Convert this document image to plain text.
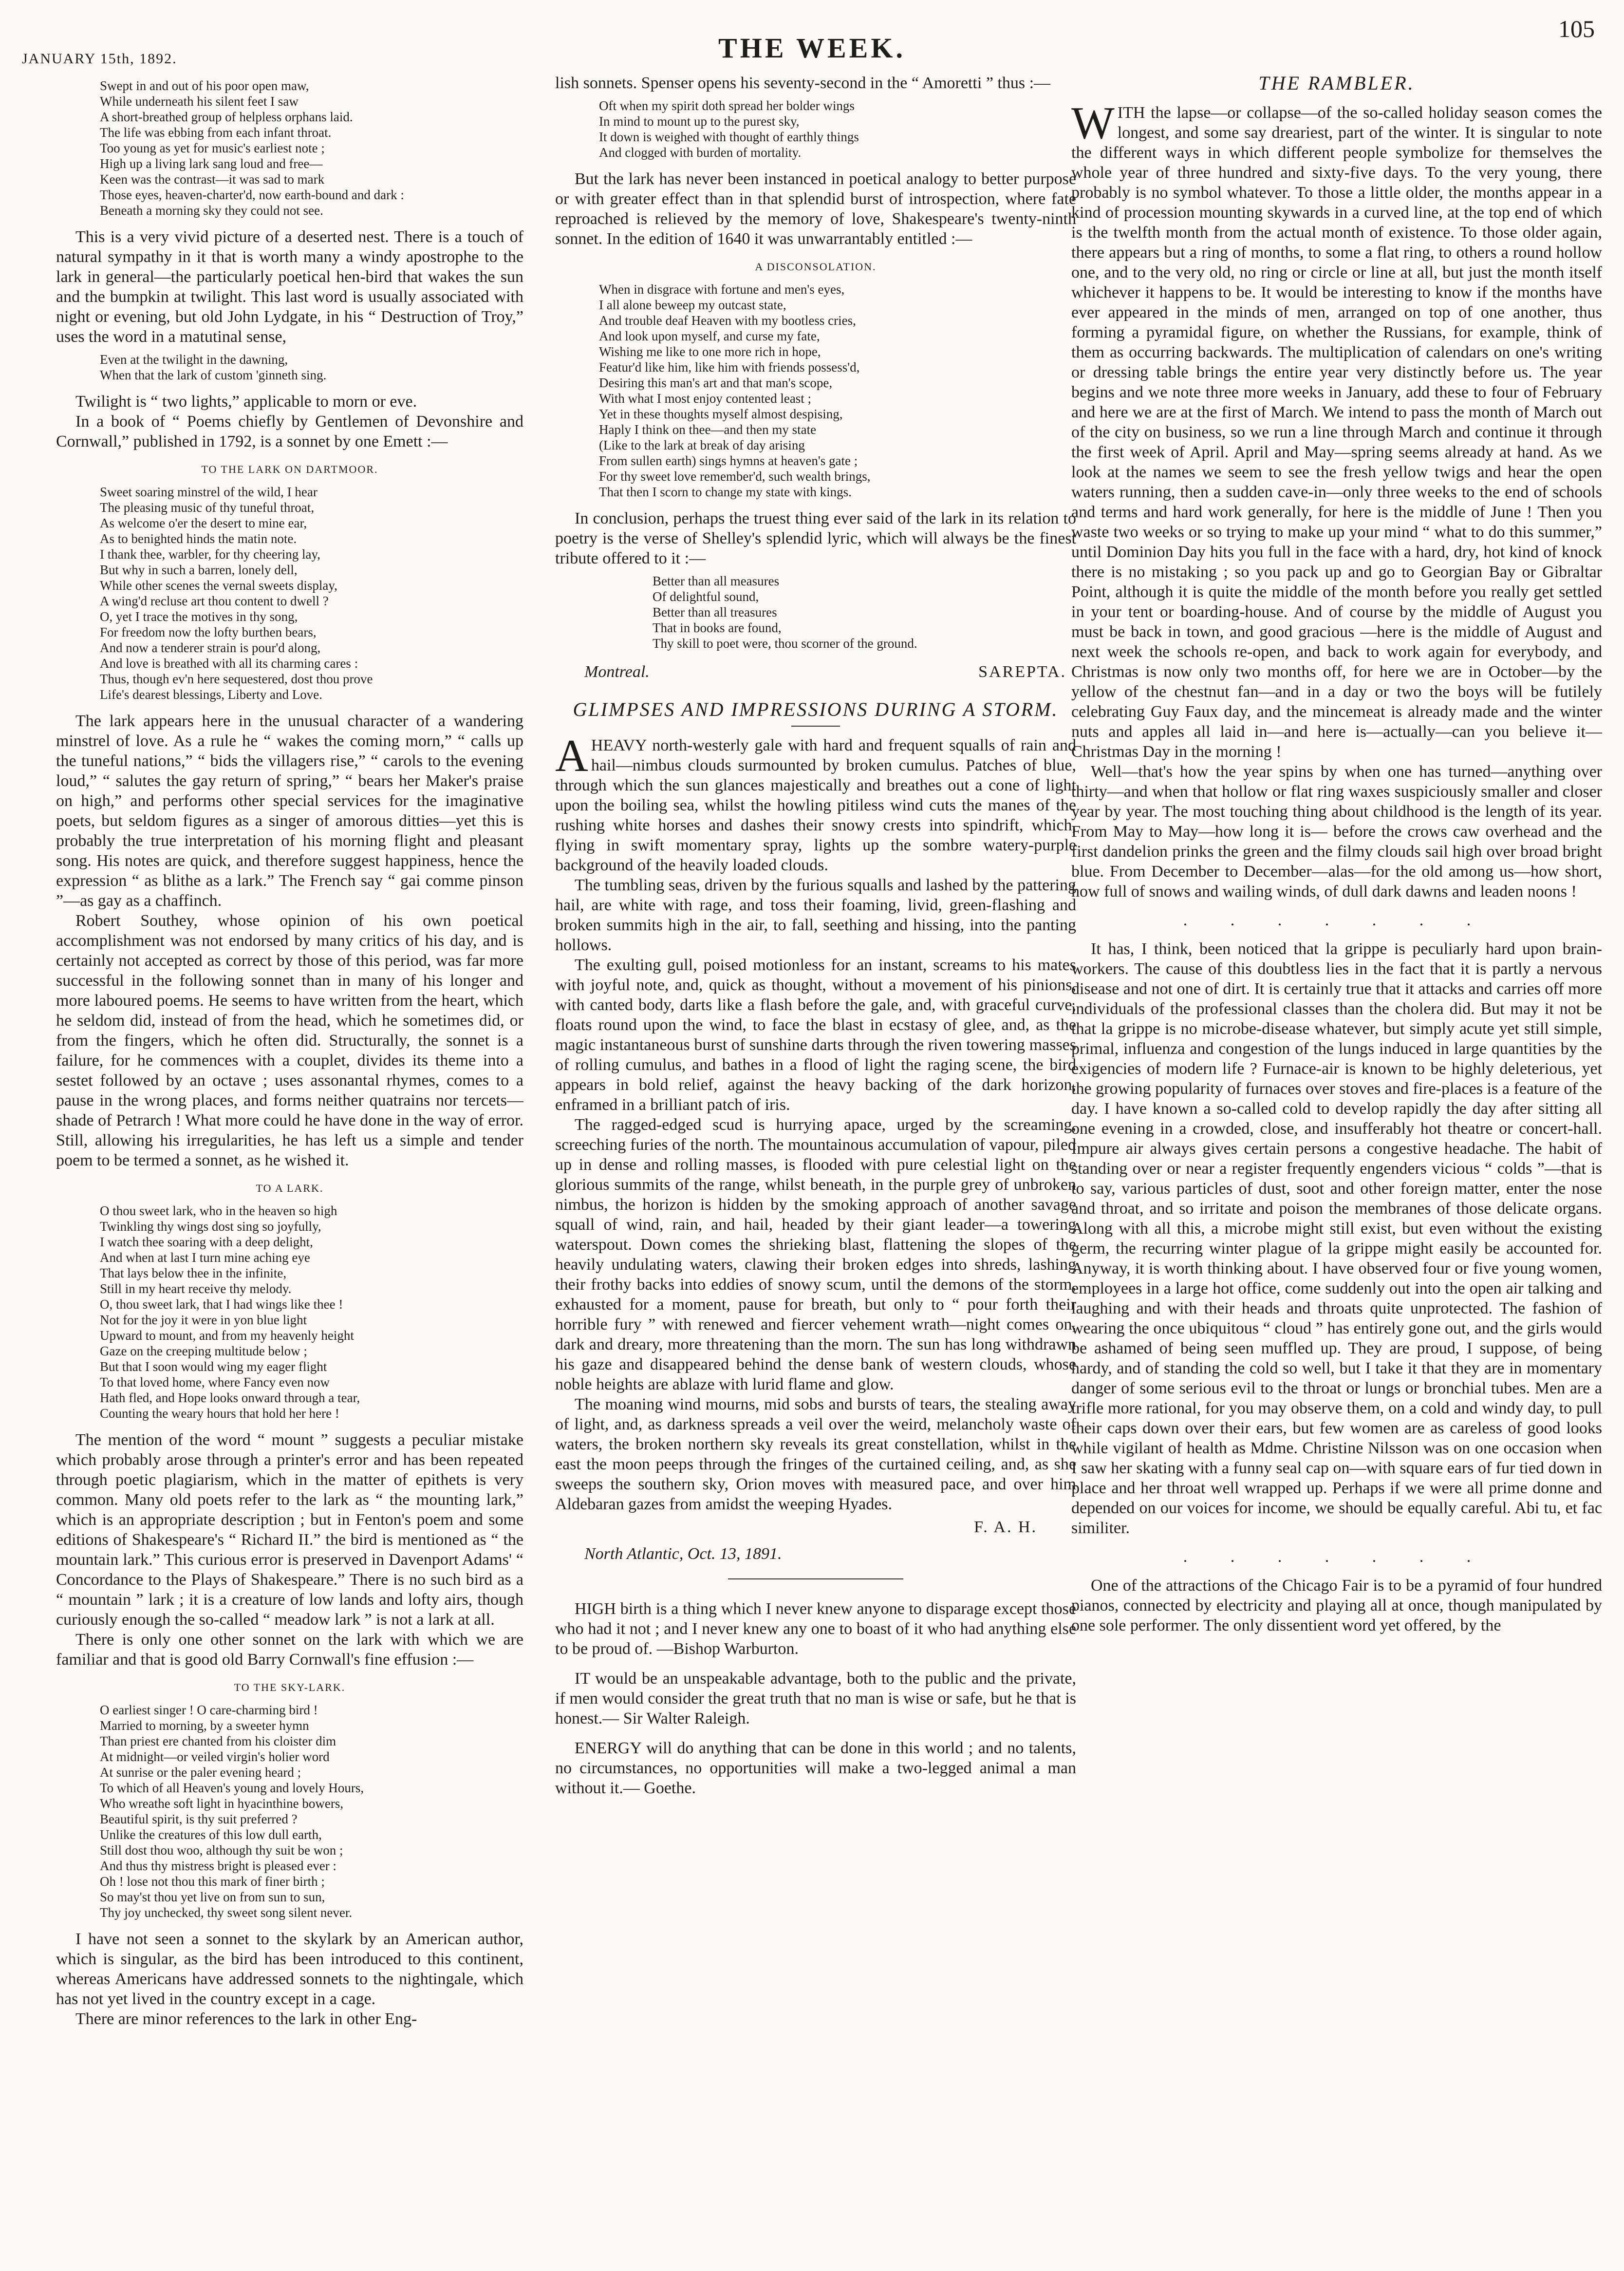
JANUARY 15th, 1892.	THE WEEK.
105
Swept in and out of his poor open maw,
While underneath his silent feet I saw
A short-breathed group of helpless orphans laid.
The life was ebbing from each infant throat.
Too young as yet for music's earliest note ;
High up a living lark sang loud and free—
Keen was the contrast—it was sad to mark
Those eyes, heaven-charter'd, now earth-bound and dark :
Beneath a morning sky they could not see.

This is a very vivid picture of a deserted nest. There is a touch of natural sympathy in it that is worth many a windy apostrophe to the lark in general—the particularly poetical hen-bird that wakes the sun and the bumpkin at twilight. This last word is usually associated with night or evening, but old John Lydgate, in his “ Destruction of Troy,” uses the word in a matutinal sense,

Even at the twilight in the dawning,
When that the lark of custom 'ginneth sing.

Twilight is “ two lights,” applicable to morn or eve.

In a book of “ Poems chiefly by Gentlemen of Devonshire and Cornwall,” published in 1792, is a sonnet by one Emett :—

TO THE LARK ON DARTMOOR.
Sweet soaring minstrel of the wild, I hear
The pleasing music of thy tuneful throat,
As welcome o'er the desert to mine ear,
As to benighted hinds the matin note.
I thank thee, warbler, for thy cheering lay,
But why in such a barren, lonely dell,
While other scenes the vernal sweets display,
A wing'd recluse art thou content to dwell ?
O, yet I trace the motives in thy song,
For freedom now the lofty burthen bears,
And now a tenderer strain is pour'd along,
And love is breathed with all its charming cares :
Thus, though ev'n here sequestered, dost thou prove
Life's dearest blessings, Liberty and Love.

The lark appears here in the unusual character of a wandering minstrel of love. As a rule he “ wakes the coming morn,” “ calls up the tuneful nations,” “ bids the villagers rise,” “ carols to the evening loud,” “ salutes the gay return of spring,” “ bears her Maker's praise on high,” and performs other special services for the imaginative poets, but seldom figures as a singer of amorous ditties—yet this is probably the true interpretation of his morning flight and pleasant song. His notes are quick, and therefore suggest happiness, hence the expression “ as blithe as a lark.” The French say “ gai comme pinson ”—as gay as a chaffinch.

Robert Southey, whose opinion of his own poetical accomplishment was not endorsed by many critics of his day, and is certainly not accepted as correct by those of this period, was far more successful in the following sonnet than in many of his longer and more laboured poems. He seems to have written from the heart, which he seldom did, instead of from the head, which he sometimes did, or from the fingers, which he often did. Structurally, the sonnet is a failure, for he commences with a couplet, divides its theme into a sestet followed by an octave ; uses assonantal rhymes, comes to a pause in the wrong places, and forms neither quatrains nor tercets—shade of Petrarch ! What more could he have done in the way of error. Still, allowing his irregularities, he has left us a simple and tender poem to be termed a sonnet, as he wished it.

TO A LARK.
O thou sweet lark, who in the heaven so high
Twinkling thy wings dost sing so joyfully,
I watch thee soaring with a deep delight,
And when at last I turn mine aching eye
That lays below thee in the infinite,
Still in my heart receive thy melody.
O, thou sweet lark, that I had wings like thee !
Not for the joy it were in yon blue light
Upward to mount, and from my heavenly height
Gaze on the creeping multitude below ;
But that I soon would wing my eager flight
To that loved home, where Fancy even now
Hath fled, and Hope looks onward through a tear,
Counting the weary hours that hold her here !

The mention of the word “ mount ” suggests a peculiar mistake which probably arose through a printer's error and has been repeated through poetic plagiarism, which in the matter of epithets is very common. Many old poets refer to the lark as “ the mounting lark,” which is an appropriate description ; but in Fenton's poem and some editions of Shakespeare's “ Richard II.” the bird is mentioned as “ the mountain lark.” This curious error is preserved in Davenport Adams' “ Concordance to the Plays of Shakespeare.” There is no such bird as a “ mountain ” lark ; it is a creature of low lands and lofty airs, though curiously enough the so-called “ meadow lark ” is not a lark at all.

There is only one other sonnet on the lark with which we are familiar and that is good old Barry Cornwall's fine effusion :—

TO THE SKY-LARK.
O earliest singer ! O care-charming bird !
Married to morning, by a sweeter hymn
Than priest ere chanted from his cloister dim
At midnight—or veiled virgin's holier word
At sunrise or the paler evening heard ;
To which of all Heaven's young and lovely Hours,
Who wreathe soft light in hyacinthine bowers,
Beautiful spirit, is thy suit preferred ?
Unlike the creatures of this low dull earth,
Still dost thou woo, although thy suit be won ;
And thus thy mistress bright is pleased ever :
Oh ! lose not thou this mark of finer birth ;
So may'st thou yet live on from sun to sun,
Thy joy unchecked, thy sweet song silent never.

I have not seen a sonnet to the skylark by an American author, which is singular, as the bird has been introduced to this continent, whereas Americans have addressed sonnets to the nightingale, which has not yet lived in the country except in a cage.

There are minor references to the lark in other Eng-

lish sonnets. Spenser opens his seventy-second in the “ Amoretti ” thus :—

Oft when my spirit doth spread her bolder wings
In mind to mount up to the purest sky,
It down is weighed with thought of earthly things
And clogged with burden of mortality.

But the lark has never been instanced in poetical analogy to better purpose or with greater effect than in that splendid burst of introspection, where fate reproached is relieved by the memory of love, Shakespeare's twenty-ninth sonnet. In the edition of 1640 it was unwarrantably entitled :—

A DISCONSOLATION.
When in disgrace with fortune and men's eyes,
I all alone beweep my outcast state,
And trouble deaf Heaven with my bootless cries,
And look upon myself, and curse my fate,
Wishing me like to one more rich in hope,
Featur'd like him, like him with friends possess'd,
Desiring this man's art and that man's scope,
With what I most enjoy contented least ;
Yet in these thoughts myself almost despising,
Haply I think on thee—and then my state
(Like to the lark at break of day arising
From sullen earth) sings hymns at heaven's gate ;
For thy sweet love remember'd, such wealth brings,
That then I scorn to change my state with kings.

In conclusion, perhaps the truest thing ever said of the lark in its relation to poetry is the verse of Shelley's splendid lyric, which will always be the finest tribute offered to it :—

Better than all measures
Of delightful sound,
Better than all treasures
That in books are found,
Thy skill to poet were, thou scorner of the ground.
Montreal.	SAREPTA.
GLIMPSES AND IMPRESSIONS DURING A STORM.

AHEAVY north-westerly gale with hard and frequent squalls of rain and hail—nimbus clouds surmounted by broken cumulus. Patches of blue, through which the sun glances majestically and breathes out a cone of light upon the boiling sea, whilst the howling pitiless wind cuts the manes of the rushing white horses and dashes their snowy crests into spindrift, which, flying in swift momentary spray, lights up the sombre watery-purple background of the heavily loaded clouds.

The tumbling seas, driven by the furious squalls and lashed by the pattering hail, are white with rage, and toss their foaming, livid, green-flashing and broken summits high in the air, to fall, seething and hissing, into the panting hollows.

The exulting gull, poised motionless for an instant, screams to his mates with joyful note, and, quick as thought, without a movement of his pinions, with canted body, darts like a flash before the gale, and, with graceful curve, floats round upon the wind, to face the blast in ecstasy of glee, and, as the magic instantaneous burst of sunshine darts through the riven towering masses of rolling cumulus, and bathes in a flood of light the raging scene, the bird appears in bold relief, against the heavy backing of the dark horizon, enframed in a brilliant patch of iris.

The ragged-edged scud is hurrying apace, urged by the screaming, screeching furies of the north. The mountainous accumulation of vapour, piled up in dense and rolling masses, is flooded with pure celestial light on the glorious summits of the range, whilst beneath, in the purple grey of unbroken nimbus, the horizon is hidden by the smoking approach of another savage squall of wind, rain, and hail, headed by their giant leader—a towering waterspout. Down comes the shrieking blast, flattening the slopes of the heavily undulating waters, clawing their broken edges into shreds, lashing their frothy backs into eddies of snowy scum, until the demons of the storm, exhausted for a moment, pause for breath, but only to “ pour forth their horrible fury ” with renewed and fiercer vehement wrath—night comes on, dark and dreary, more threatening than the morn. The sun has long withdrawn his gaze and disappeared behind the dense bank of western clouds, whose noble heights are ablaze with lurid flame and glow.

The moaning wind mourns, mid sobs and bursts of tears, the stealing away of light, and, as darkness spreads a veil over the weird, melancholy waste of waters, the broken northern sky reveals its great constellation, whilst in the east the moon peeps through the fringes of the curtained ceiling, and, as she sweeps the southern sky, Orion moves with measured pace, and over him Aldebaran gazes from amidst the weeping Hyades.

F. A. H.
North Atlantic, Oct. 13, 1891.

HIGH birth is a thing which I never knew anyone to disparage except those who had it not ; and I never knew any one to boast of it who had anything else to be proud of. —Bishop Warburton.

IT would be an unspeakable advantage, both to the public and the private, if men would consider the great truth that no man is wise or safe, but he that is honest.— Sir Walter Raleigh.

ENERGY will do anything that can be done in this world ; and no talents, no circumstances, no opportunities will make a two-legged animal a man without it.— Goethe.

THE RAMBLER.

WITH the lapse—or collapse—of the so-called holiday season comes the longest, and some say dreariest, part of the winter. It is singular to note the different ways in which different people symbolize for themselves the whole year of three hundred and sixty-five days. To the very young, there probably is no symbol whatever. To those a little older, the months appear in a kind of procession mounting skywards in a curved line, at the top end of which is the twelfth month from the actual month of existence. To those older again, there appears but a ring of months, to some a flat ring, to others a round hollow one, and to the very old, no ring or circle or line at all, but just the month itself whichever it happens to be. It would be interesting to know if the months have ever appeared in the minds of men, arranged on top of one another, thus forming a pyramidal figure, on whether the Russians, for example, think of them as occurring backwards. The multiplication of calendars on one's writing or dressing table brings the entire year very distinctly before us. The year begins and we note three more weeks in January, add these to four of February and here we are at the first of March. We intend to pass the month of March out of the city on business, so we run a line through March and continue it through the first week of April. April and May—spring seems already at hand. As we look at the names we seem to see the fresh yellow twigs and hear the open waters running, then a sudden cave-in—only three weeks to the end of schools and terms and hard work generally, for here is the middle of June ! Then you waste two weeks or so trying to make up your mind “ what to do this summer,” until Dominion Day hits you full in the face with a hard, dry, hot kind of knock there is no mistaking ; so you pack up and go to Georgian Bay or Gibraltar Point, although it is quite the middle of the month before you really get settled in your tent or boarding-house. And of course by the middle of August you must be back in town, and good gracious —here is the middle of August and next week the schools re-open, and back to work again for everybody, and Christmas is now only two months off, for here we are in October—by the yellow of the chestnut fan—and in a day or two the boys will be futilely celebrating Guy Faux day, and the mincemeat is already made and the winter nuts and apples all laid in—and here is—actually—can you believe it—Christmas Day in the morning !

Well—that's how the year spins by when one has turned—anything over thirty—and when that hollow or flat ring waxes suspiciously smaller and closer year by year. The most touching thing about childhood is the length of its year. From May to May—how long it is— before the crows caw overhead and the first dandelion prinks the green and the filmy clouds sail high over broad bright blue. From December to December—alas—for the old among us—how short, how full of snows and wailing winds, of dull dark dawns and leaden noons !

. . . . . . .

It has, I think, been noticed that la grippe is peculiarly hard upon brain-workers. The cause of this doubtless lies in the fact that it is partly a nervous disease and not one of dirt. It is certainly true that it attacks and carries off more individuals of the professional classes than the cholera did. But may it not be that la grippe is no microbe-disease whatever, but simply acute yet still simple, primal, influenza and congestion of the lungs induced in large quantities by the exigencies of modern life ? Furnace-air is known to be highly deleterious, yet the growing popularity of furnaces over stoves and fire-places is a feature of the day. I have known a so-called cold to develop rapidly the day after sitting all one evening in a crowded, close, and insufferably hot theatre or concert-hall. Impure air always gives certain persons a congestive headache. The habit of standing over or near a register frequently engenders vicious “ colds ”—that is to say, various particles of dust, soot and other foreign matter, enter the nose and throat, and so irritate and poison the membranes of those delicate organs. Along with all this, a microbe might still exist, but even without the existing germ, the recurring winter plague of la grippe might easily be accounted for. Anyway, it is worth thinking about. I have observed four or five young women, employees in a large hot office, come suddenly out into the open air talking and laughing and with their heads and throats quite unprotected. The fashion of wearing the once ubiquitous “ cloud ” has entirely gone out, and the girls would be ashamed of being seen muffled up. They are proud, I suppose, of being hardy, and of standing the cold so well, but I take it that they are in momentary danger of some serious evil to the throat or lungs or bronchial tubes. Men are a trifle more rational, for you may observe them, on a cold and windy day, to pull their caps down over their ears, but few women are as careless of good looks while vigilant of health as Mdme. Christine Nilsson was on one occasion when I saw her skating with a funny seal cap on—with square ears of fur tied down in place and her throat well wrapped up. Perhaps if we were all prime donne and depended on our voices for income, we should be equally careful. Abi tu, et fac similiter.

. . . . . . .

One of the attractions of the Chicago Fair is to be a pyramid of four hundred pianos, connected by electricity and playing all at once, though manipulated by one sole performer. The only dissentient word yet offered, by the
